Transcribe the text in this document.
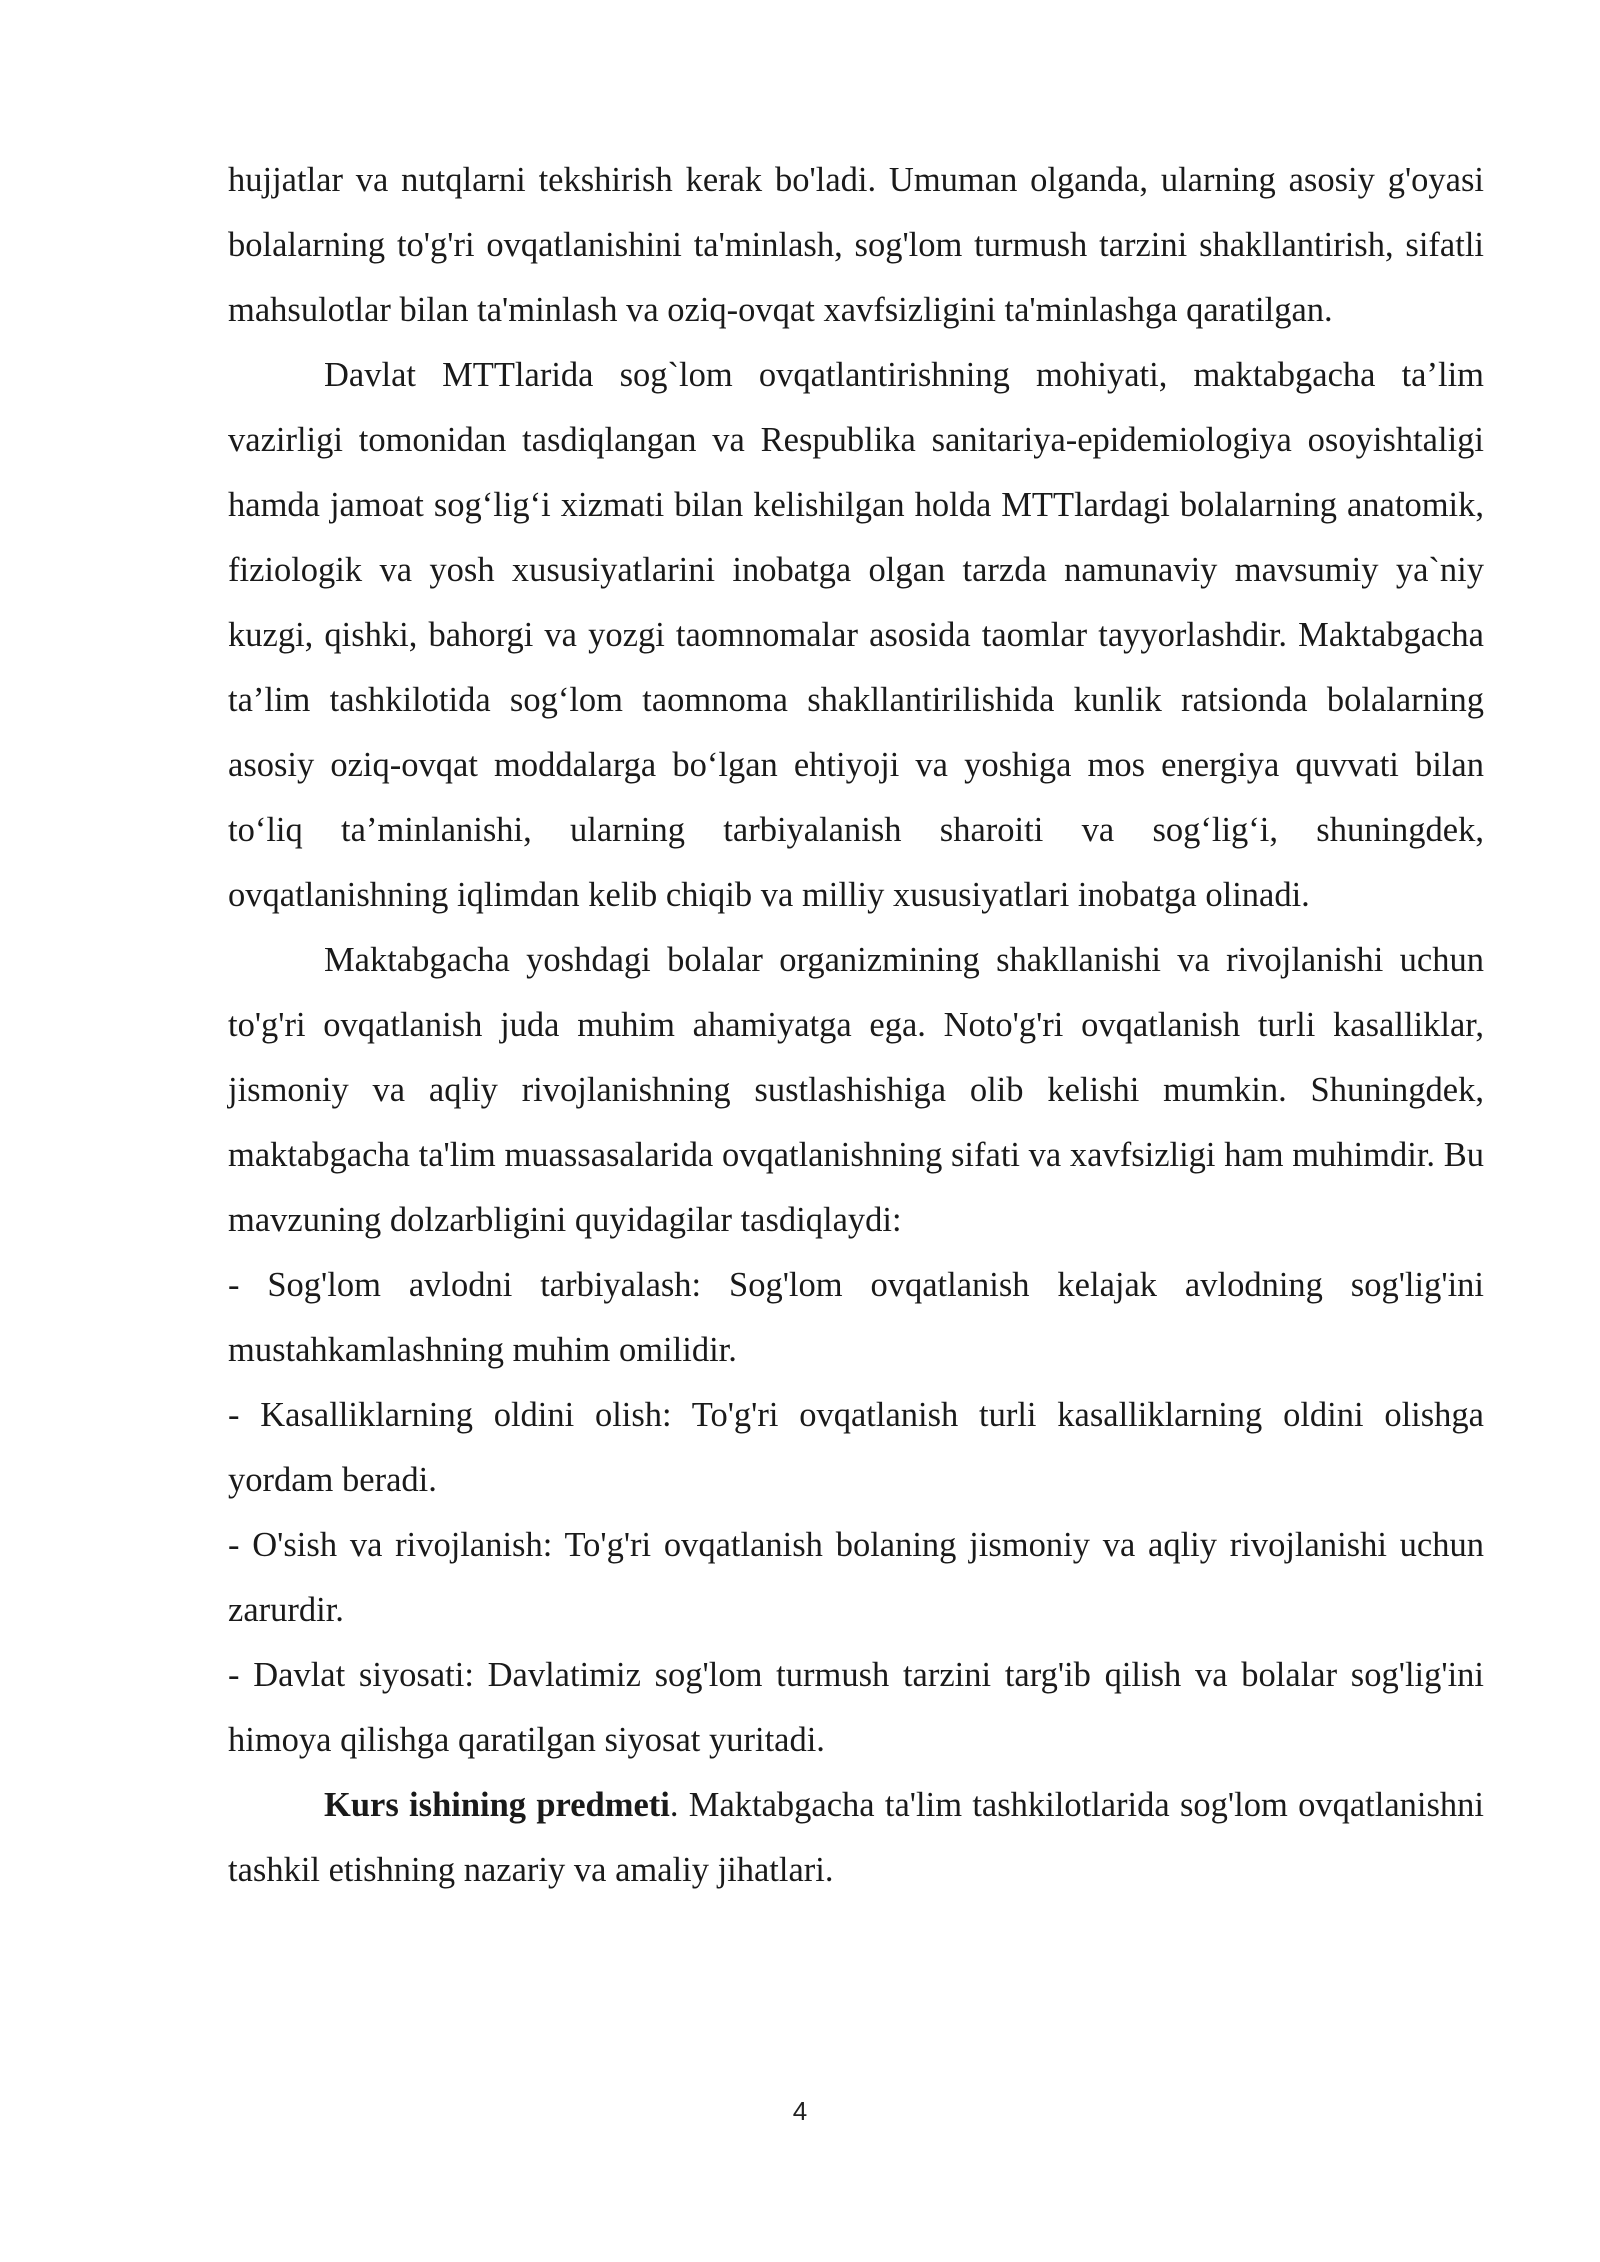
hujjatlar va nutqlarni tekshirish kerak bo'ladi. Umuman olganda, ularning asosiy g'oyasi bolalarning to'g'ri ovqatlanishini ta'minlash, sog'lom turmush tarzini shakllantirish, sifatli mahsulotlar bilan ta'minlash va oziq-ovqat xavfsizligini ta'minlashga qaratilgan.

Davlat MTTlarida sog`lom ovqatlantirishning mohiyati, maktabgacha ta’lim vazirligi tomonidan tasdiqlangan va Respublika sanitariya-epidemiologiya osoyishtaligi hamda jamoat sog‘lig‘i xizmati bilan kelishilgan holda MTTlardagi bolalarning anatomik, fiziologik va yosh xususiyatlarini inobatga olgan tarzda namunaviy mavsumiy ya`niy kuzgi, qishki, bahorgi va yozgi taomnomalar asosida taomlar tayyorlashdir. Maktabgacha ta’lim tashkilotida sog‘lom taomnoma shakllantirilishida kunlik ratsionda bolalarning asosiy oziq-ovqat moddalarga bo‘lgan ehtiyoji va yoshiga mos energiya quvvati bilan to‘liq ta’minlanishi, ularning tarbiyalanish sharoiti va sog‘lig‘i, shuningdek, ovqatlanishning iqlimdan kelib chiqib va milliy xususiyatlari inobatga olinadi.

Maktabgacha yoshdagi bolalar organizmining shakllanishi va rivojlanishi uchun to'g'ri ovqatlanish juda muhim ahamiyatga ega. Noto'g'ri ovqatlanish turli kasalliklar, jismoniy va aqliy rivojlanishning sustlashishiga olib kelishi mumkin. Shuningdek, maktabgacha ta'lim muassasalarida ovqatlanishning sifati va xavfsizligi ham muhimdir. Bu mavzuning dolzarbligini quyidagilar tasdiqlaydi:

- Sog'lom avlodni tarbiyalash: Sog'lom ovqatlanish kelajak avlodning sog'lig'ini mustahkamlashning muhim omilidir.

- Kasalliklarning oldini olish: To'g'ri ovqatlanish turli kasalliklarning oldini olishga yordam beradi.

- O'sish va rivojlanish: To'g'ri ovqatlanish bolaning jismoniy va aqliy rivojlanishi uchun zarurdir.

- Davlat siyosati: Davlatimiz sog'lom turmush tarzini targ'ib qilish va bolalar sog'lig'ini himoya qilishga qaratilgan siyosat yuritadi.

Kurs ishining predmeti. Maktabgacha ta'lim tashkilotlarida sog'lom ovqatlanishni tashkil etishning nazariy va amaliy jihatlari.

4
